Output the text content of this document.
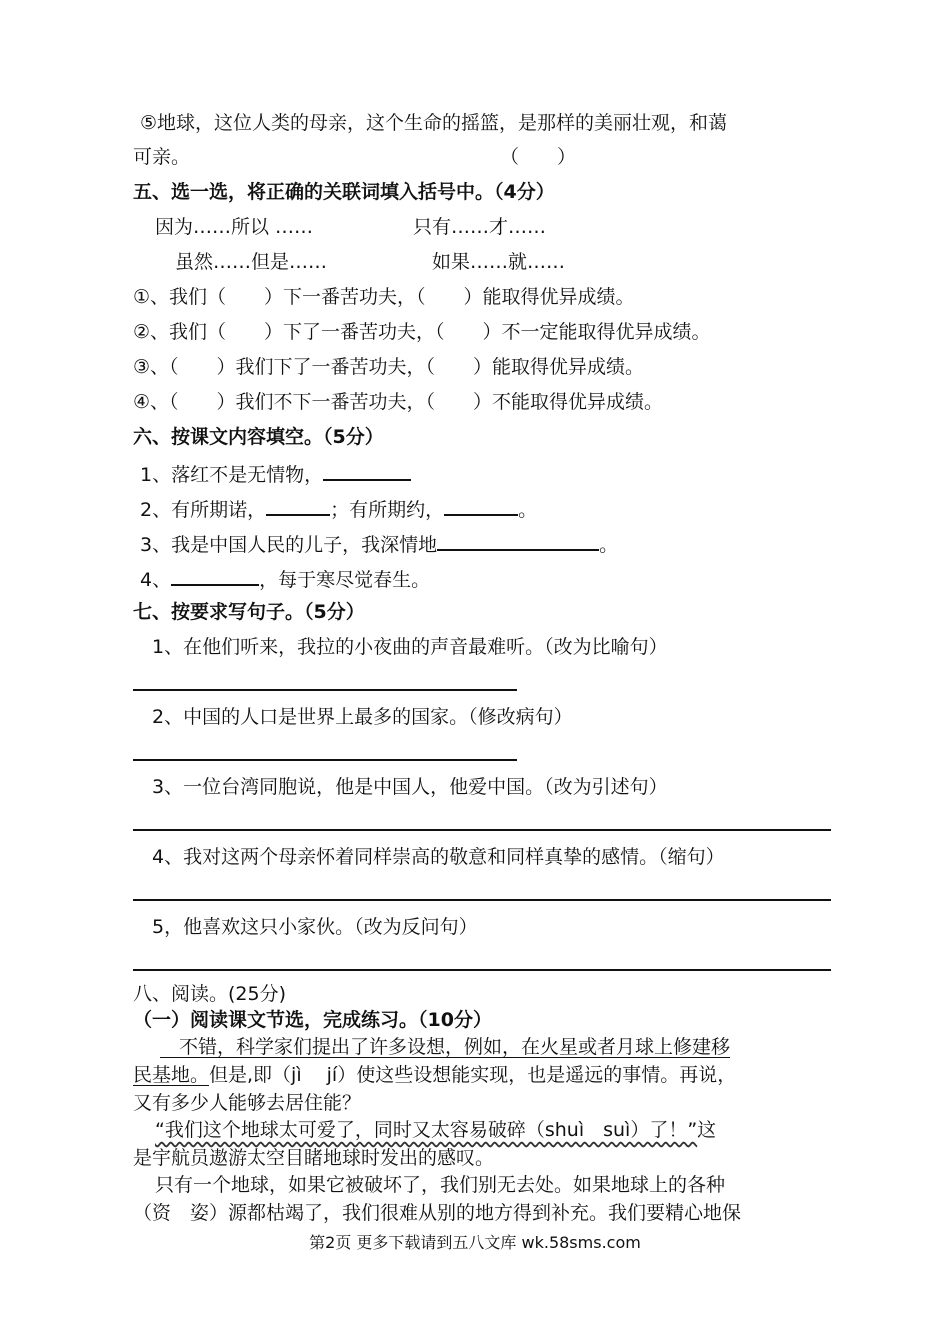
⑤地球，这位人类的母亲，这个生命的摇篮，是那样的美丽壮观，和蔼
可亲。	（　　）
五、选一选，将正确的关联词填入括号中。（4分）
因为……所以 ……	只有……才……
虽然……但是……	如果……就……
①、我们（　　）下一番苦功夫，（　　）能取得优异成绩。
②、我们（　　）下了一番苦功夫，（　　）不一定能取得优异成绩。
③、（　　）我们下了一番苦功夫，（　　）能取得优异成绩。
④、（　　）我们不下一番苦功夫，（　　）不能取得优异成绩。
六、按课文内容填空。（5分）
1、落红不是无情物，
2、有所期诺，	；有所期约，	。
3、我是中国人民的儿子，我深情地	。
4、	，每于寒尽觉春生。
七、按要求写句子。（5分）
1、在他们听来，我拉的小夜曲的声音最难听。（改为比喻句）
2、中国的人口是世界上最多的国家。（修改病句）
3、一位台湾同胞说，他是中国人，他爱中国。（改为引述句）
4、我对这两个母亲怀着同样崇高的敬意和同样真挚的感情。（缩句）
5，他喜欢这只小家伙。（改为反问句）
八、阅读。(25分)
（一）阅读课文节选，完成练习。（10分）
　不错，科学家们提出了许多设想，例如，在火星或者月球上修建移
民基地。但是,即（jì　 jí）使这些设想能实现，也是遥远的事情。再说，
又有多少人能够去居住能？
“我们这个地球太可爱了，同时又太容易破碎（shuì　suì）了！”这
是宇航员遨游太空目睹地球时发出的感叹。
只有一个地球，如果它被破坏了，我们别无去处。如果地球上的各种
（资　姿）源都枯竭了，我们很难从别的地方得到补充。我们要精心地保
第2页 更多下载请到五八文库 wk.58sms.com
